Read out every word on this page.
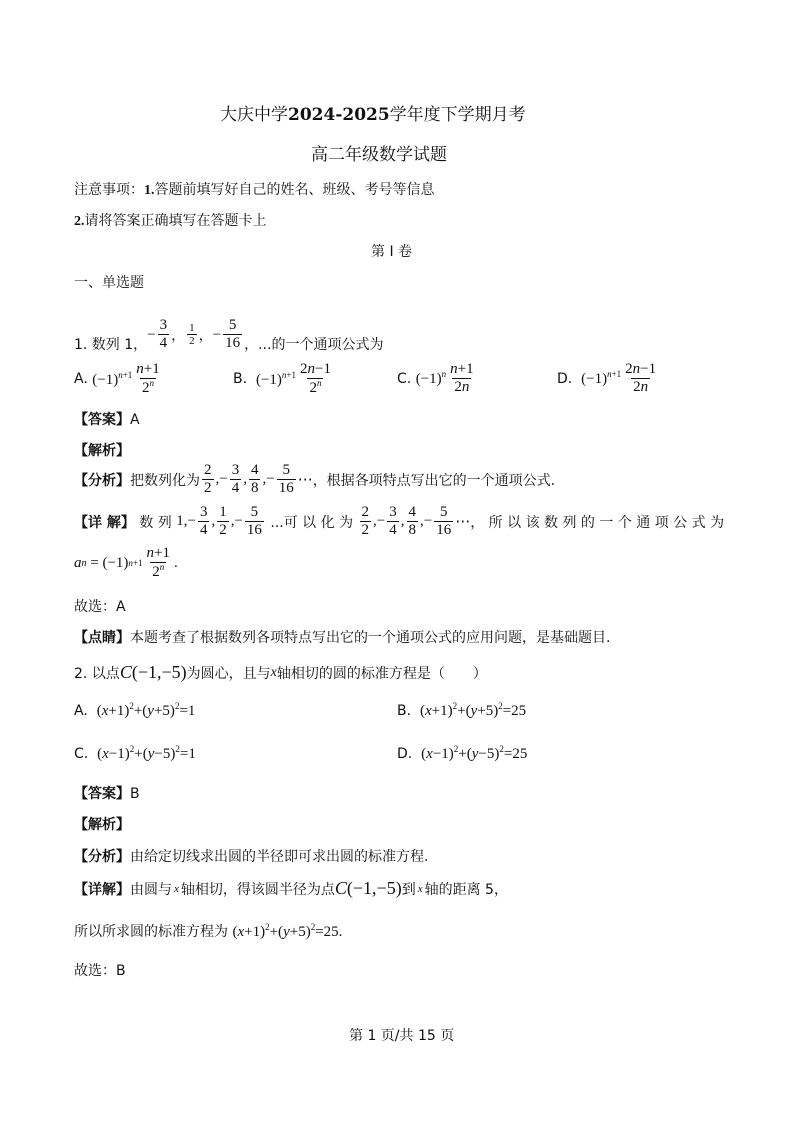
大庆中学2024-2025学年度下学期月考
高二年级数学试题
注意事项：1.答题前填写好自己的姓名、班级、考号等信息
2.请将答案正确填写在答题卡上
第 I 卷
一、单选题
1. 数列 1，
− $\frac{3}{4}$ ， $\frac{1}{2}$ ， − $\frac{5}{16}$ ，...的一个通项公式为
A.
$(-1)^{n+1} \frac{n+1}{2^n}$	B.
$(-1)^{n+1} \frac{2n-1}{2^n}$	C.
$(-1)^n \frac{n+1}{2n}$	D.
$(-1)^{n+1} \frac{2n-1}{2n}$
【答案】A
【解析】
【分析】 把数列化为 $\frac{2}{2}$ ,− $\frac{3}{4}$ , $\frac{4}{8}$ ,− $\frac{5}{16}$ ⋯ ，根据各项特点写出它的一个通项公式.
【详 解】
数 列
$1,- \frac{3}{4}$ , $\frac{1}{2}$ ,− $\frac{5}{16}$
...可 以 化 为
$\frac{2}{2}$ ,− $\frac{3}{4}$ , $\frac{4}{8}$ ,− $\frac{5}{16}$ ⋯ ， 所 以 该 数 列 的 一 个 通 项 公 式 为
a n = (−1) $n+1 \frac{n+1}{2^n}$ .
故选：A
【点睛】本题考查了根据数列各项特点写出它的一个通项公式的应用问题，是基础题目.
2. 以点 C(−1,−5) 为圆心，且与 x 轴相切的圆的标准方程是（　　）
A. $(x+1)^2+(y+5)^2=1$	B. $(x+1)^2+(y+5)^2=25$
C. $(x-1)^2+(y-5)^2=1$	D. $(x-1)^2+(y-5)^2=25$
【答案】B
【解析】
【分析】由给定切线求出圆的半径即可求出圆的标准方程.
【详解】 由圆与 x 轴相切，得该圆半径为点 C(−1,−5) 到 x 轴的距离 5，
所以所求圆的标准方程为 $(x+1)^2+(y+5)^2=25$.
故选：B
第 1 页/共 15 页
